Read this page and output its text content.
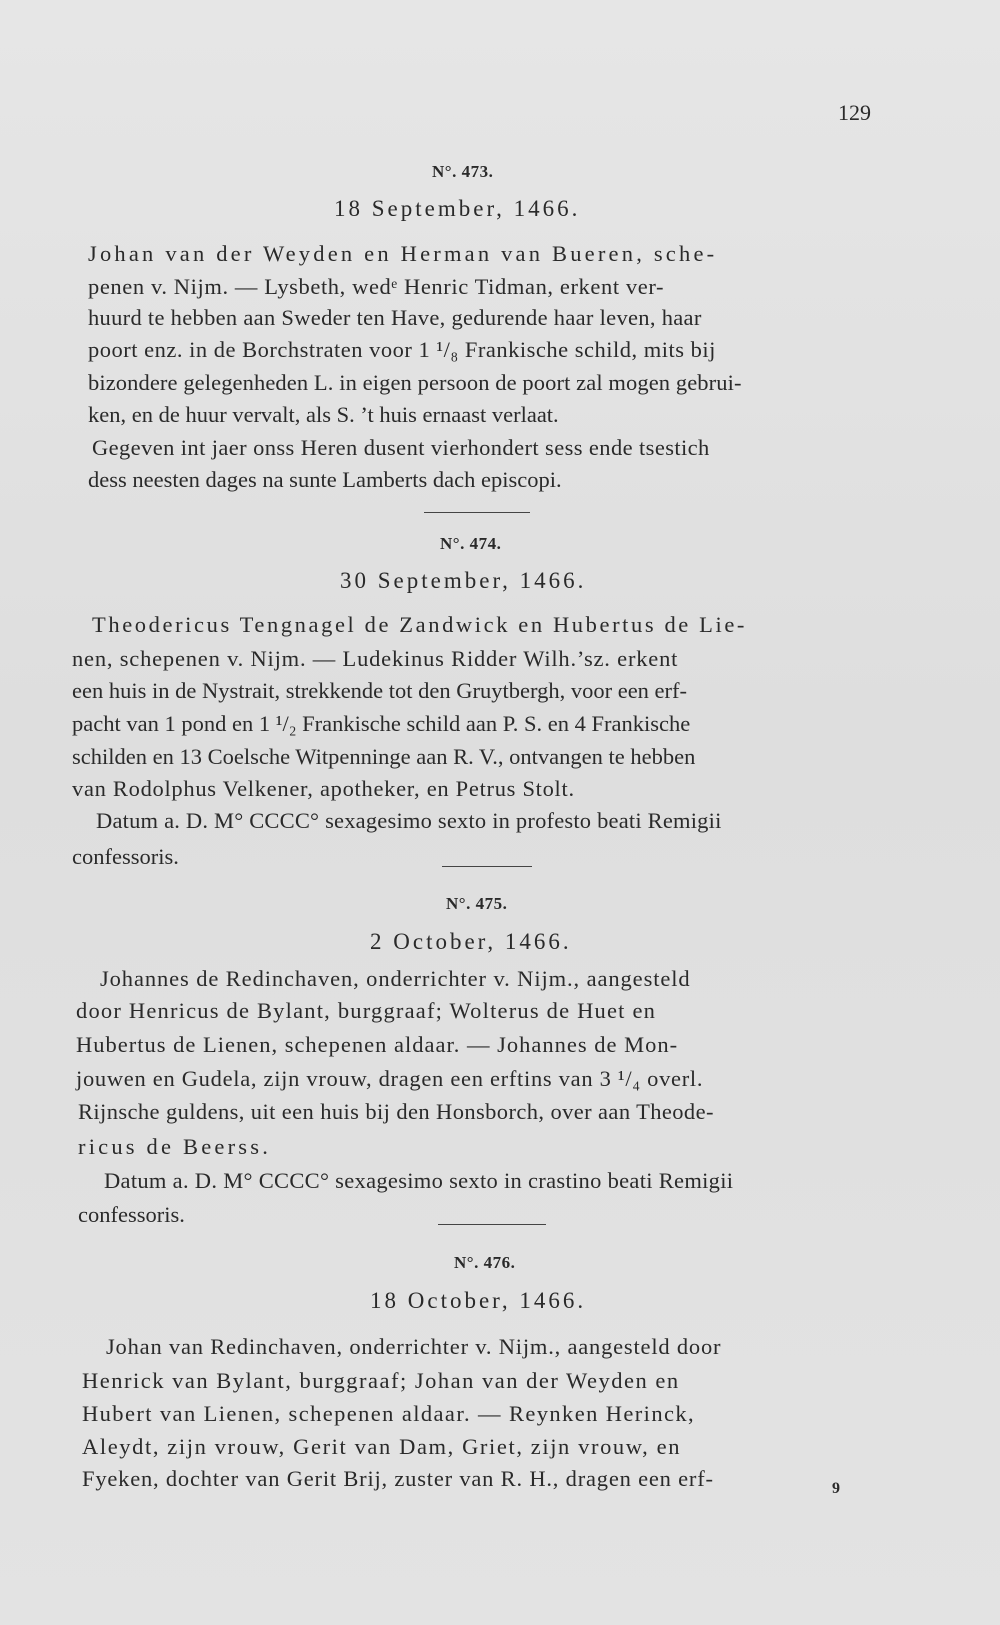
129
N°. 473.
18 September, 1466.
Johan van der Weyden en Herman van Bueren, sche-
penen v. Nijm. — Lysbeth, wedᵉ Henric Tidman, erkent ver-
huurd te hebben aan Sweder ten Have, gedurende haar leven, haar
poort enz. in de Borchstraten voor 1 ¹/₈ Frankische schild, mits bij
bizondere gelegenheden L. in eigen persoon de poort zal mogen gebrui-
ken, en de huur vervalt, als S. ’t huis ernaast verlaat.
Gegeven int jaer onss Heren dusent vierhondert sess ende tsestich
dess neesten dages na sunte Lamberts dach episcopi.
N°. 474.
30 September, 1466.
Theodericus Tengnagel de Zandwick en Hubertus de Lie-
nen, schepenen v. Nijm. — Ludekinus Ridder Wilh.’sz. erkent
een huis in de Nystrait, strekkende tot den Gruytbergh, voor een erf-
pacht van 1 pond en 1 ¹/₂ Frankische schild aan P. S. en 4 Frankische
schilden en 13 Coelsche Witpenninge aan R. V., ontvangen te hebben
van Rodolphus Velkener, apotheker, en Petrus Stolt.
Datum a. D. M° CCCC° sexagesimo sexto in profesto beati Remigii
confessoris.
N°. 475.
2 October, 1466.
Johannes de Redinchaven, onderrichter v. Nijm., aangesteld
door Henricus de Bylant, burggraaf; Wolterus de Huet en
Hubertus de Lienen, schepenen aldaar. — Johannes de Mon-
jouwen en Gudela, zijn vrouw, dragen een erftins van 3 ¹/₄ overl.
Rijnsche guldens, uit een huis bij den Honsborch, over aan Theode-
ricus de Beerss.
Datum a. D. M° CCCC° sexagesimo sexto in crastino beati Remigii
confessoris.
N°. 476.
18 October, 1466.
Johan van Redinchaven, onderrichter v. Nijm., aangesteld door
Henrick van Bylant, burggraaf; Johan van der Weyden en
Hubert van Lienen, schepenen aldaar. — Reynken Herinck,
Aleydt, zijn vrouw, Gerit van Dam, Griet, zijn vrouw, en
Fyeken, dochter van Gerit Brij, zuster van R. H., dragen een erf-	9
